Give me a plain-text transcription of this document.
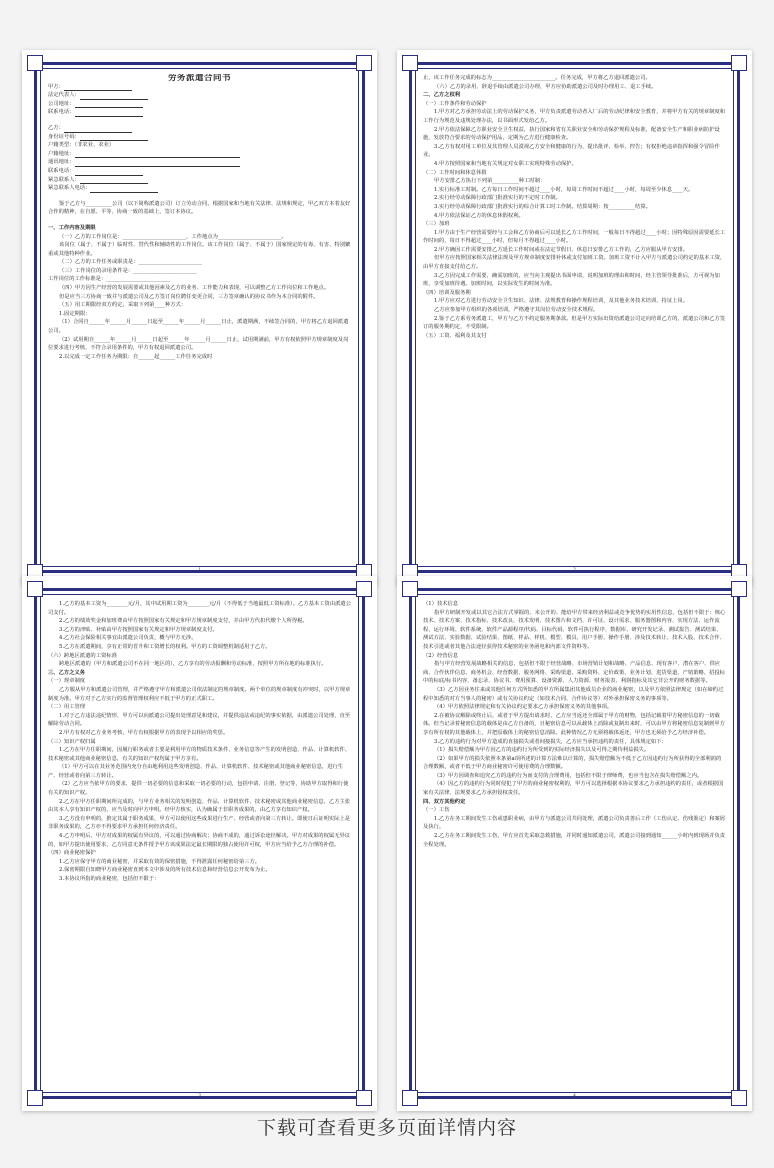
劳务派遣合同书

甲方：

法定代表人：

公司地址：

联系电话：

乙方：

身份证号码：

户籍类型：（非农业、农业）

户籍地址：

通讯地址：

联系电话：

紧急联系人：

紧急联系人电话：

鉴于乙方与__________公司（以下简称派遣公司）订立劳动合同，根据国家和当地有关法律、法规和规定，甲乙双方本着友好合作的精神，在自愿、平等、协商一致的基础上，签订本协议。

一、工作内容及期限

（一）乙方的工作岗位是：________________________，工作地点为________________________。

该岗位（属于、不属于）临时性、替代性和辅助性的工作岗位。该工作岗位（属于、不属于）国家规定的有毒、有害、特别繁重或其他特种作业。

（二）乙方的工作任务或职责是：________________________

（三）工作岗位的录用条件是：________________________

工作岗位的工作标准是：________________________

（四）甲方因生产经营的发展需要或其他因素及乙方的业务、工作能力和表现，可以调整乙方工作岗位和工作地点。

但是应当三方协商一致并与派遣公司及乙方签订岗位聘任变更合同，三方签章确认的协议书作为本合同的附件。

（五）用工期限经双方约定，采取下列第____种方式：

1.固定期限：

（1）合同自______年______月______日起至______年______月______日止，派遣期满，不续签合同的，甲方将乙方退回派遣公司。

（2）试用期自______年______月______日起至______年______月______日止，试用期满前，甲方有权依照甲方规章制度及岗位要求进行考核，不符合录用条件的，甲方有权退回派遣公司。

2.以完成一定工作任务为期限：自______起______工作任务完成时

1

止，该工作任务完成的标志为________________________。任务完成，甲方将乙方退回派遣公司。

（六）乙方的录用、辞退手续由派遣公司办理，甲方应协助派遣公司及时办理用工、退工手续。

二、乙方之权利

（一）工作条件和劳动保护

1.甲方对乙方承担劳动法上的劳动保护义务，甲方负责派遣劳动者入厂后的劳动纪律和安全教育，并将甲方有关的规章制度和工作行为规范及违规处理办法，以书面形式发给乙方。

2.甲方依法保障乙方职业安全卫生权益，执行国家和省有关职业安全和劳动保护规程及标准，配备安全生产和职业病防护设施，发放符合要求的劳动保护用品，定期为乙方进行健康检查。

3.乙方有权对用工单位及其管理人员漠视乙方安全和健康的行为，提出批评、检举、控告；有权拒绝违章指挥和强令冒险作业。

4.甲方按照国家和当地有关规定对女职工实现特殊劳动保护。

（二）工作时间和休息休假

甲方安排乙方执行下列第__________种工时制：

1.实行标准工时制。乙方每日工作时间不超过____小时，每周工作时间不超过____小时，每周至少休息____天。

2.实行经劳动保障行政部门批准实行的不定时工作制。

3.实行经劳动保障行政部门批准实行的综合计算工时工作制。结算周期：按__________结算。

4.甲方依法保证乙方的休息休假权利。

（三）加班

1.甲方由于生产经营需要经与工会和乙方协商后可以延长乙方工作时间，一般每日不得超过____小时；因特殊原因需要延长工作时间的，每日不得超过____小时，但每月不得超过____小时。

2.甲方确因工作需要安排乙方延长工作时间或在法定节假日、休息日安排乙方工作的，乙方应服从甲方安排。

但甲方应按照国家相关法律法规及甲方规章制度安排补休或支付加班工资。加班工资不计入甲方与派遣公司约定的基本工资，由甲方直接支付给乙方。

3.乙方因完成工作需要，确需加班的，应当向主观提出书面申请，说明加班的理由和时间，经主管领导批准后，方可视为加班，享受加班待遇。加班时间，以实际发生的时间为准。

（四）培训及服务期

1.甲方应对乙方进行劳动安全卫生知识、法律、法规教育和操作规程培训，及其他业务技术培训，持证上岗。

乙方应参加甲方组织的各项培训，严格遵守其岗位劳动安全技术规程。

2.鉴于乙方系劳务派遣工，甲方与乙方不约定服务期条款。但是甲方实际出资给派遣公司定向培训乙方的，派遣公司和乙方签订的服务期约定，不受限制。

（五）工资、福利及其支付

2

1.乙方的基本工资为________元/月，其中试用期工资为________元/月（不得低于当地最低工资标准）。乙方基本工资由派遣公司支付。

2.乙方的绩效奖金和加班费由甲方按照国家有关规定和甲方规章制度支付，并由甲方代扣代缴个人所得税。

3.乙方的津贴、补贴由甲方按照国家有关规定和甲方规章制度支付。

4.乙方社会保险相关事宜由派遣公司负责，概与甲方无涉。

5.乙方在派遣期间，享有正常的晋升和工资增长的权利。甲方的工资调整机制适用于乙方。

（六）跨地区派遣的工资标准

跨地区派遣的（甲方和派遣公司不在同一地区的），乙方享有的劳动报酬和劳动标准，按照甲方所在地的标准执行。

三、乙方之义务

（一）规章制度

乙方服从甲方和派遣公司管理，并严格遵守甲方和派遣公司依法制定的规章制度。两个单位的规章制度有冲突时，以甲方规章制度为准。甲方对于乙方实行的监督管理权利应不低于甲方的正式职工。

（二）用工管理

1.对于乙方违法违纪情形，甲方可以向派遣公司提出处理意见和建议，并提供违法或违纪的事实依据，由派遣公司处理，直至解除劳动合同。

2.甲方有权对乙方业务考核，甲方有权根据甲方的表现予以相应的奖惩。

（三）知识产权归属

1.乙方在甲方任职期间，因履行职务或者主要是利用甲方的物质技术条件、业务信息等产生的发明创造、作品、计算机软件、技术秘密或其他商业秘密信息，有关的知识产权均属于甲方享有。

（1）甲方可以在其业务范围内充分自由地利用这些发明创造、作品、计算机软件、技术秘密或其他商业秘密信息，进行生产、经营或者向第三方转让。

（2）乙方应当依甲方的要求，提供一切必要的信息和采取一切必要的行动，包括申请、注册、登记等，协助甲方取得和行使有关的知识产权。

2.乙方在甲方任职期间所完成的，与甲方业务相关的发明创造、作品、计算机软件、技术秘密或其他商业秘密信息，乙方主张由其本人享有知识产权的，应当及时向甲方申明。经甲方核实，认为确属于非职务成果的，由乙方享有知识产权。

3.乙方没有申明的，推定其属于职务成果，甲方可以使用这些成果进行生产、经营或者向第三方转让。即使日后证明实际上是非职务成果的，乙方亦不得要求甲方承担任何经济责任。

4.乙方申明后，甲方对成果的权属有异议的，可以通过协商解决；协商不成的，通过诉讼途径解决。甲方对成果的权属无异议的，如甲方提出使用要求，乙方同意无条件授予甲方该成果法定最长期限的独占使用许可权，甲方应当给予乙方合理的补偿。

（四）商业秘密保护

1.乙方应保守甲方的商业秘密，并采取有效的保密措施，不得泄露任何秘密给第三方。

2.保密期限自知晓甲方商业秘密直到本文中涉及的所有技术信息和经营信息公开发布为止。

3.本协议所指的商业秘密，包括但不限于：

3

（1）技术信息

指甲方研制开发或以其它合法方式掌握的、未公开的、能给甲方带来经济利益或竞争优势的实用性信息，包括但不限于：核心技术、技术方案、技术指标、技术改良、技术发明、技术图片和文档、许可证、设计需求、服务器图和内容、实现方法、运作流程、运行环境、软件系统、软件产品源程序/代码、目标代码、软件可执行程序、数据库、研究开发记录、测试报告、测试结果、测试方法、实验数据、试验结果、图纸、样品、样机、模型、模具、用户手册、操作手册、涉及技术转让、技术入股、技术合作、技术引进或者其他合法途径获得技术秘密的业务函电和内部文件资料等。

（2）经营信息

指与甲方经营发展战略相关的信息，包括但不限于经营战略、市场营销计划和战略、产品信息、现有客户、潜在客户、供应商、合作伙伴信息、商务机会、经营数据、服务网络、采购渠道、采购资料、定价政策、业务计划、进货渠道、产销策略、招投标中的标底/标书内容、备忘录、协议书、费用预算、设备资源、人力资源、财务报表、利润指标及其它非公开的财务数据等。

（3）乙方因业务往来或其他任何方式所知悉的甲方所属集团其他成员企业的商业秘密，以及甲方依照法律规定（如在缔约过程中知悉的对方当事人的秘密）或有关协议约定（如技术合同、合作协议等）对外承担保密义务的事项等。

（4）甲方依照法律规定和有关协议约定要求乙方承担保密义务的其他事项。

2.在被协议解除或终止后，或者于甲方提出请求时，乙方应当返还全部属于甲方的财物，包括记载着甲方秘密信息的一切载体。但当记录着秘密信息的载体是由乙方自备的，且秘密信息可以从载体上消除或复制出来时，可以由甲方将秘密信息复制到甲方享有所有权的其他载体上，并把原载体上的秘密信息消除。此种情况乙方无须将载体返还，甲方也无须给予乙方经济补偿。

3.乙方的违约行为对甲方造成的直接损失或者间接损失，乙方应当承担违约的责任，具体规定如下：

（1）损失赔偿额为甲方因乙方的违约行为所受到的实际经济损失以及可得之期待利益损失。

（2）如果甲方的损失依照本条第a项所述的计算方法难以计算的，损失赔偿额为不低于乙方因违约行为所获得的全部利润的合理数额，或者不低于甲方商业秘密许可使用费的合理数额。

（3）甲方因调查和追究乙方的违约行为而支付的合理费用，包括但不限于律师费，也应当包含在损失赔偿额之内。

（4）因乙方的违约行为同时侵犯了甲方的商业秘密权利的，甲方可以选择根据本协议要求乙方承担违约的责任，或者根据国家有关法律、法规要求乙方承担侵权责任。

四、双方其他约定

（一）工伤

1.乙方在务工期间发生工伤或患职业病，由甲方与派遣公司共同处理，派遣公司负责善后工作（工伤认定、伤残鉴定）和案屑及执行。

2.乙方在务工期间发生工伤，甲方应首先采取急救措施，并同时通知派遣公司，派遣公司接到通知______小时内到现场并负责全程处理。

4
下载可查看更多页面详情内容
